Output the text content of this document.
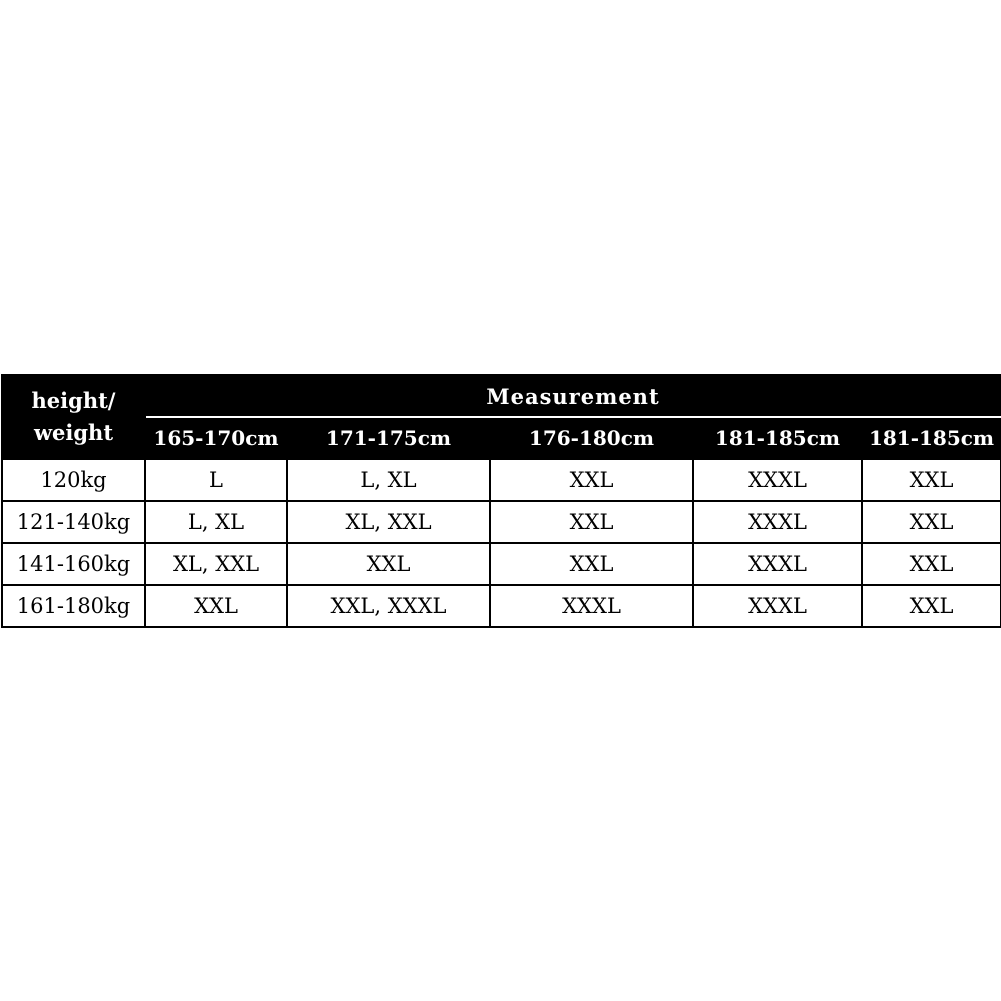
height/
weight	Measurement				
	165-170cm	171-175cm	176-180cm	181-185cm	181-185cm
120kg	L	L, XL	XXL	XXXL	XXL
121-140kg	L, XL	XL, XXL	XXL	XXXL	XXL
141-160kg	XL, XXL	XXL	XXL	XXXL	XXL
161-180kg	XXL	XXL, XXXL	XXXL	XXXL	XXL
